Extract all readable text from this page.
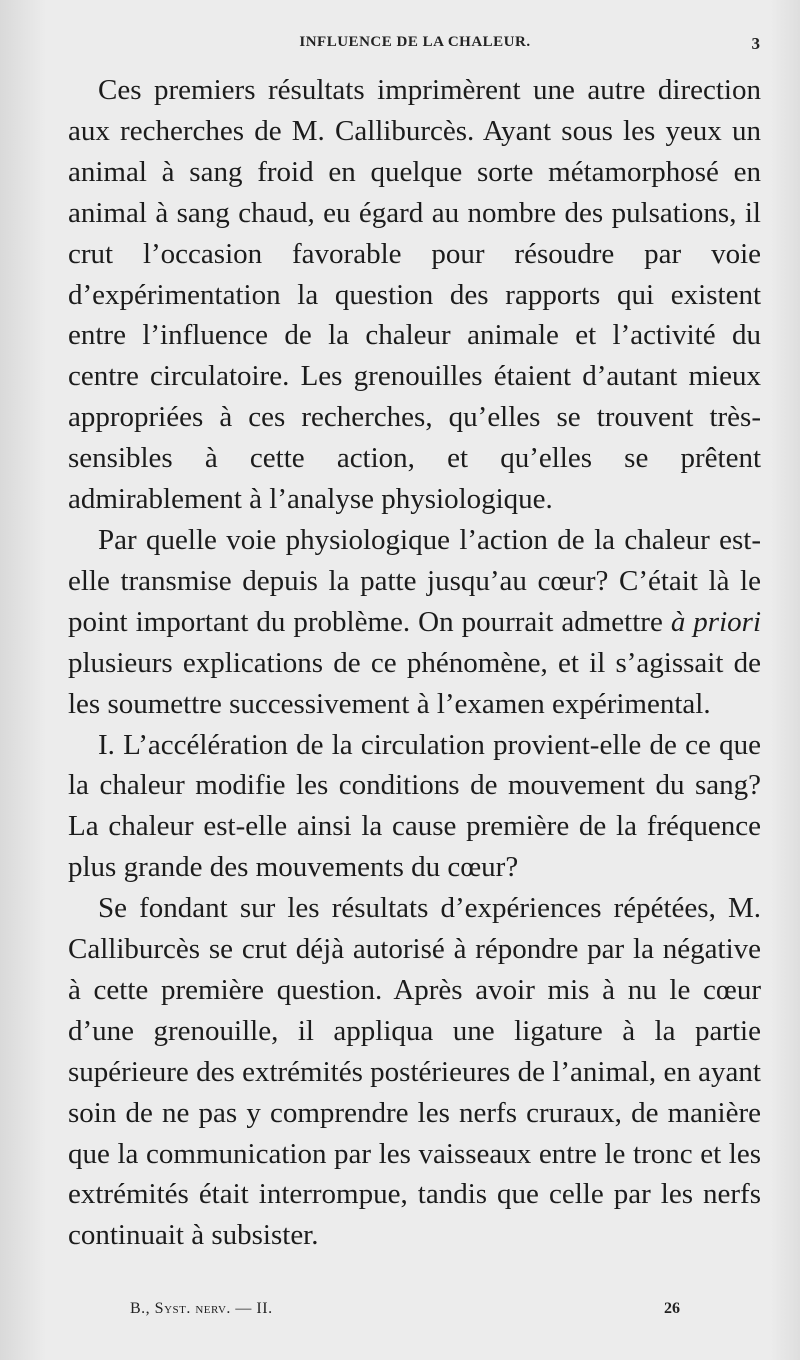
INFLUENCE DE LA CHALEUR.	3

Ces premiers résultats imprimèrent une autre direction aux recherches de M. Calliburcès. Ayant sous les yeux un animal à sang froid en quelque sorte métamorphosé en animal à sang chaud, eu égard au nombre des pulsations, il crut l’occasion favorable pour résoudre par voie d’expérimentation la question des rapports qui existent entre l’influence de la chaleur animale et l’activité du centre circulatoire. Les grenouilles étaient d’autant mieux appropriées à ces recherches, qu’elles se trouvent très-sensibles à cette action, et qu’elles se prêtent admirablement à l’analyse physiologique.

Par quelle voie physiologique l’action de la chaleur est-elle transmise depuis la patte jusqu’au cœur? C’était là le point important du problème. On pourrait admettre à priori plusieurs explications de ce phénomène, et il s’agissait de les soumettre successivement à l’examen expérimental.

I. L’accélération de la circulation provient-elle de ce que la chaleur modifie les conditions de mouvement du sang? La chaleur est-elle ainsi la cause première de la fréquence plus grande des mouvements du cœur?

Se fondant sur les résultats d’expériences répétées, M. Calliburcès se crut déjà autorisé à répondre par la négative à cette première question. Après avoir mis à nu le cœur d’une grenouille, il appliqua une ligature à la partie supérieure des extrémités postérieures de l’animal, en ayant soin de ne pas y comprendre les nerfs cruraux, de manière que la communication par les vaisseaux entre le tronc et les extrémités était interrompue, tandis que celle par les nerfs continuait à subsister.

B., Syst. nerv. — II.	26
